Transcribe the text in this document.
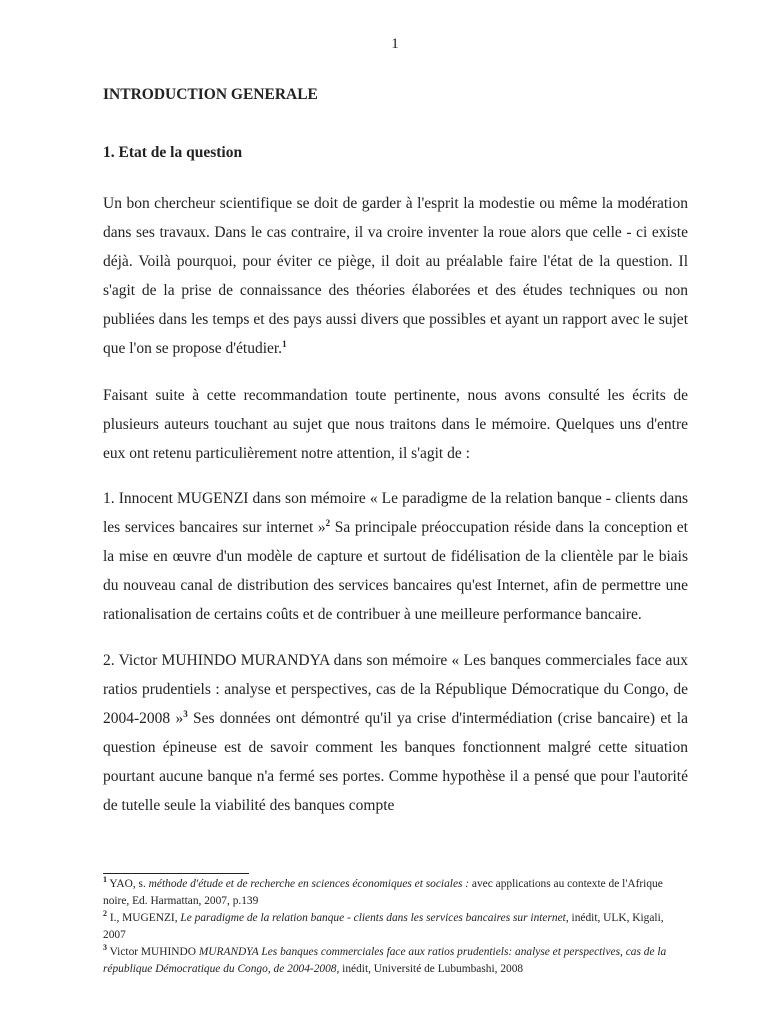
1

INTRODUCTION GENERALE

1. Etat de la question

Un bon chercheur scientifique se doit de garder à l'esprit la modestie ou même la modération dans ses travaux. Dans le cas contraire, il va croire inventer la roue alors que celle - ci existe déjà. Voilà pourquoi, pour éviter ce piège, il doit au préalable faire l'état de la question. Il s'agit de la prise de connaissance des théories élaborées et des études techniques ou non publiées dans les temps et des pays aussi divers que possibles et ayant un rapport avec le sujet que l'on se propose d'étudier.$^1$

Faisant suite à cette recommandation toute pertinente, nous avons consulté les écrits de plusieurs auteurs touchant au sujet que nous traitons dans le mémoire. Quelques uns d'entre eux ont retenu particulièrement notre attention, il s'agit de :

1. Innocent MUGENZI dans son mémoire « Le paradigme de la relation banque - clients dans les services bancaires sur internet »$^2$ Sa principale préoccupation réside dans la conception et la mise en œuvre d'un modèle de capture et surtout de fidélisation de la clientèle par le biais du nouveau canal de distribution des services bancaires qu'est Internet, afin de permettre une rationalisation de certains coûts et de contribuer à une meilleure performance bancaire.

2. Victor MUHINDO MURANDYA dans son mémoire « Les banques commerciales face aux ratios prudentiels : analyse et perspectives, cas de la République Démocratique du Congo, de 2004-2008 »$^3$ Ses données ont démontré qu'il ya crise d'intermédiation (crise bancaire) et la question épineuse est de savoir comment les banques fonctionnent malgré cette situation pourtant aucune banque n'a fermé ses portes. Comme hypothèse il a pensé que pour l'autorité de tutelle seule la viabilité des banques compte

$^1$ YAO, s. méthode d'étude et de recherche en sciences économiques et sociales : avec applications au contexte de l'Afrique noire, Ed. Harmattan, 2007, p.139

$^2$ I., MUGENZI, Le paradigme de la relation banque - clients dans les services bancaires sur internet, inédit, ULK, Kigali, 2007

$^3$ Victor MUHINDO MURANDYA Les banques commerciales face aux ratios prudentiels: analyse et perspectives, cas de la république Démocratique du Congo, de 2004-2008, inédit, Université de Lubumbashi, 2008
